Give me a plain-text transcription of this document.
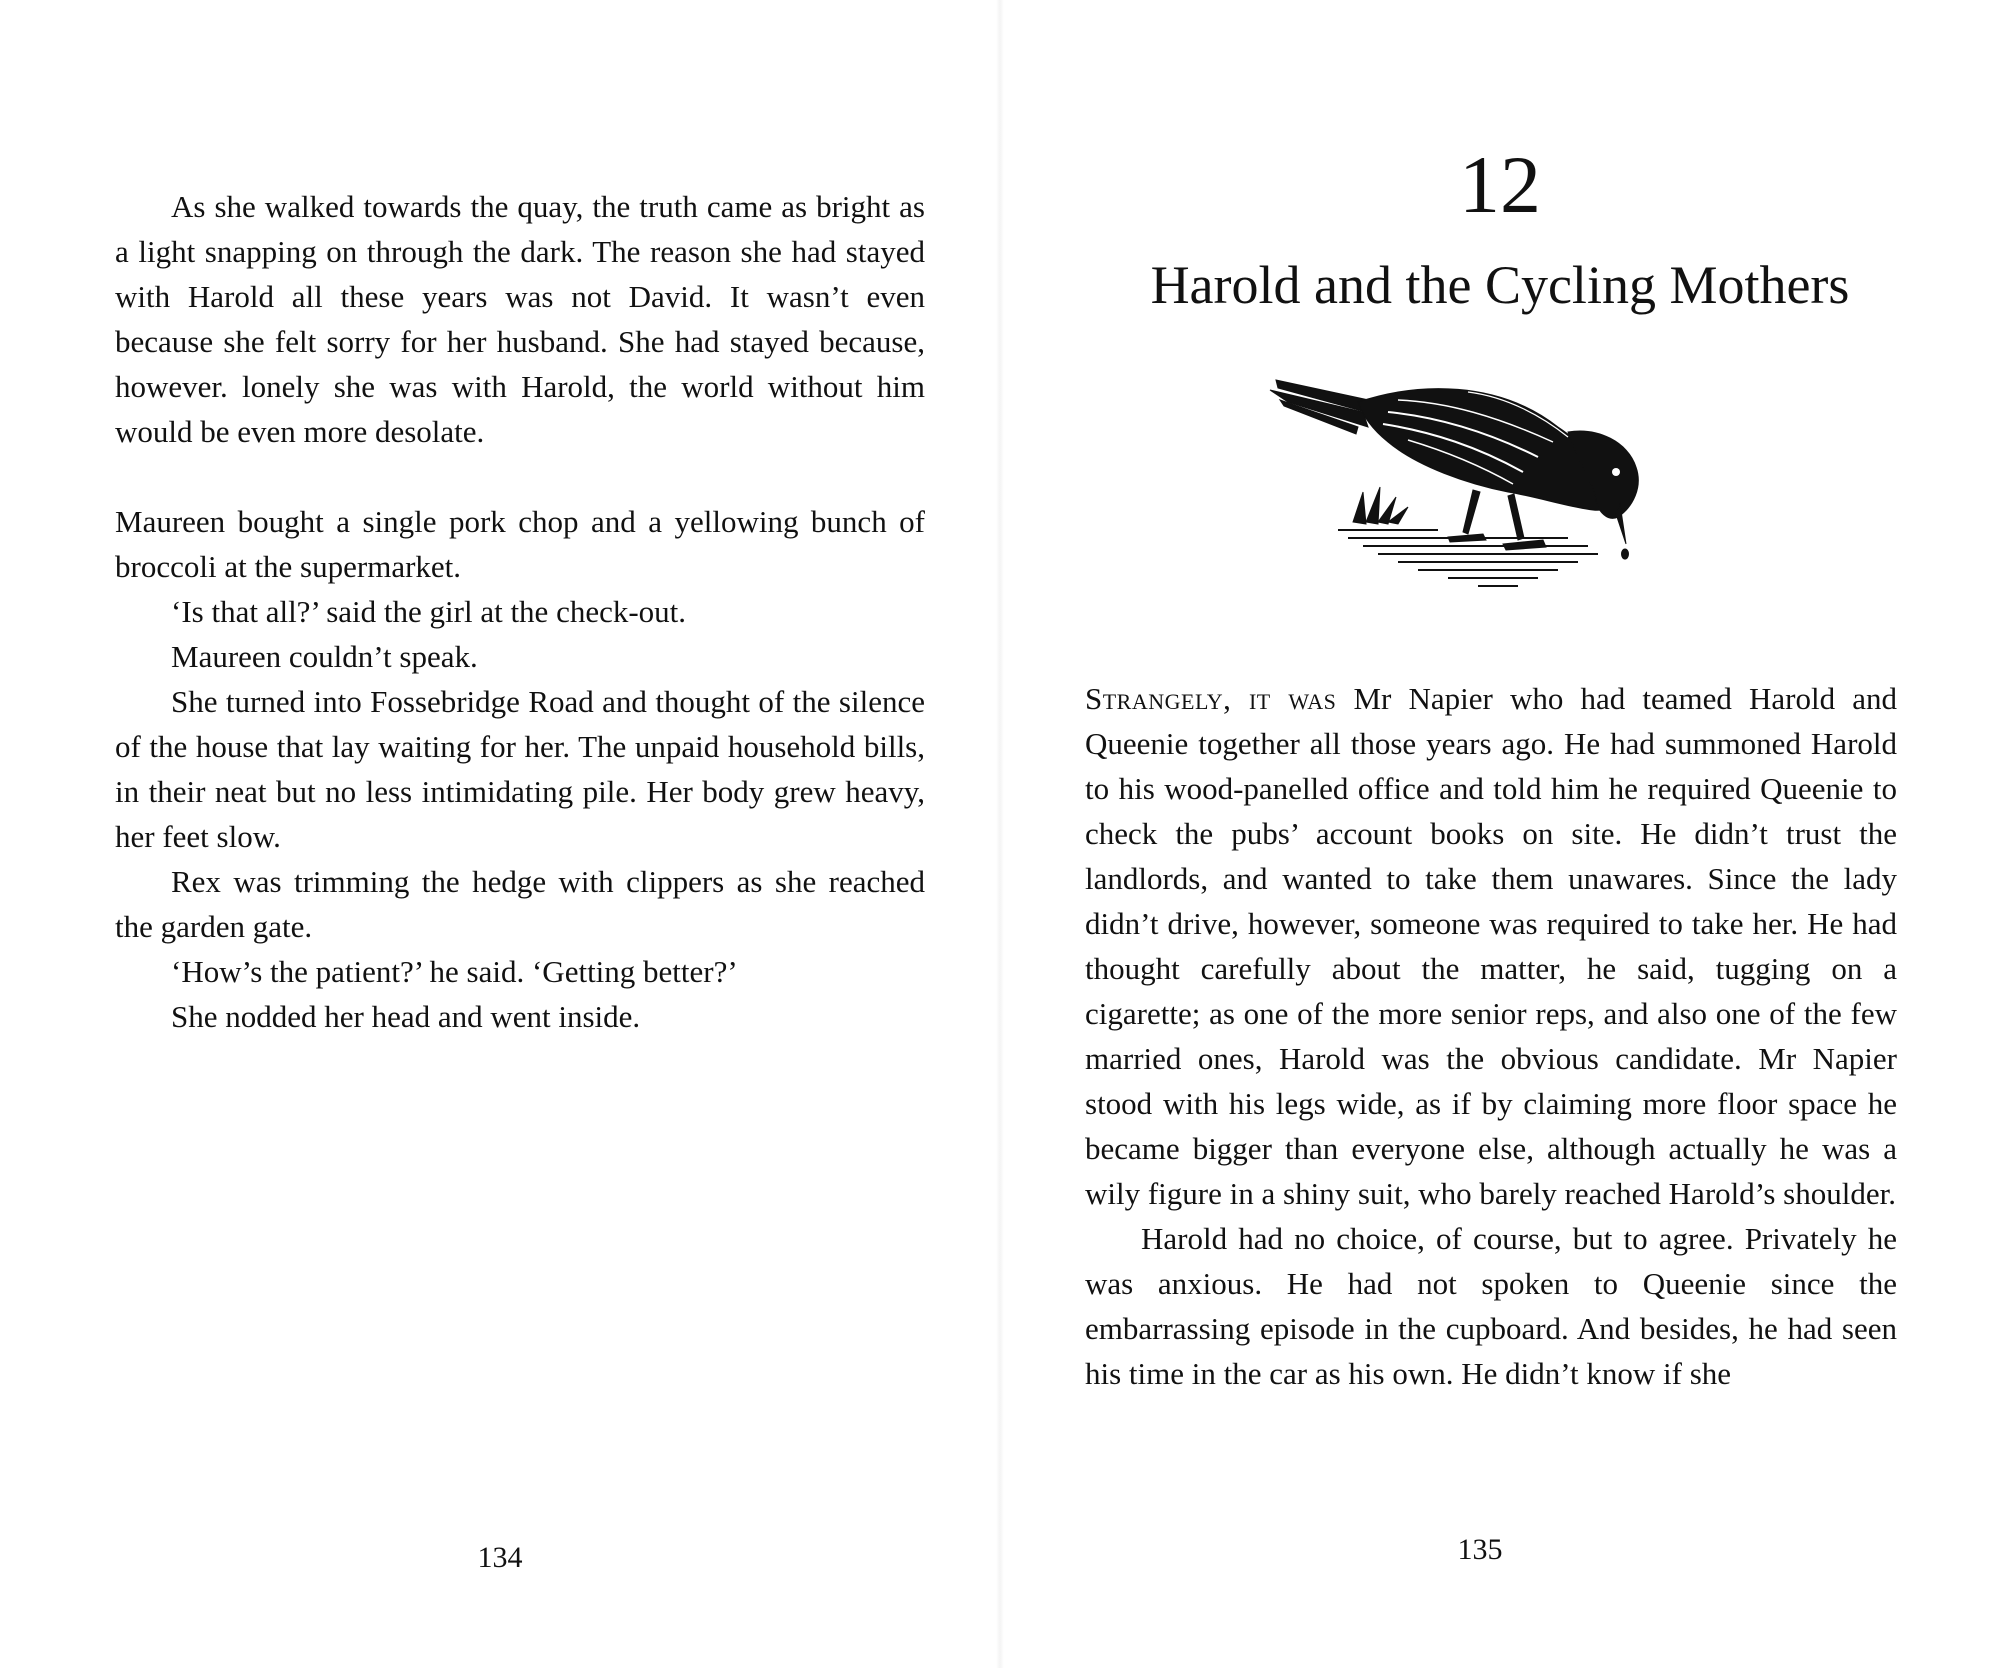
As she walked towards the quay, the truth came as bright as a light snapping on through the dark. The reason she had stayed with Harold all these years was not David. It wasn’t even because she felt sorry for her husband. She had stayed because, however. lonely she was with Harold, the world without him would be even more desolate.

Maureen bought a single pork chop and a yellowing bunch of broccoli at the supermarket.

‘Is that all?’ said the girl at the check-out.

Maureen couldn’t speak.

She turned into Fossebridge Road and thought of the silence of the house that lay waiting for her. The unpaid household bills, in their neat but no less intimidating pile. Her body grew heavy, her feet slow.

Rex was trimming the hedge with clippers as she reached the garden gate.

‘How’s the patient?’ he said. ‘Getting better?’

She nodded her head and went inside.

134
12
Harold and the Cycling Mothers

Strangely, it was Mr Napier who had teamed Harold and Queenie together all those years ago. He had summoned Harold to his wood-panelled office and told him he required Queenie to check the pubs’ account books on site. He didn’t trust the landlords, and wanted to take them unawares. Since the lady didn’t drive, however, someone was required to take her. He had thought carefully about the matter, he said, tugging on a cigarette; as one of the more senior reps, and also one of the few married ones, Harold was the obvious candidate. Mr Napier stood with his legs wide, as if by claiming more floor space he became bigger than everyone else, although actually he was a wily figure in a shiny suit, who barely reached Harold’s shoulder.

Harold had no choice, of course, but to agree. Privately he was anxious. He had not spoken to Queenie since the embarrassing episode in the cupboard. And besides, he had seen his time in the car as his own. He didn’t know if she

135
